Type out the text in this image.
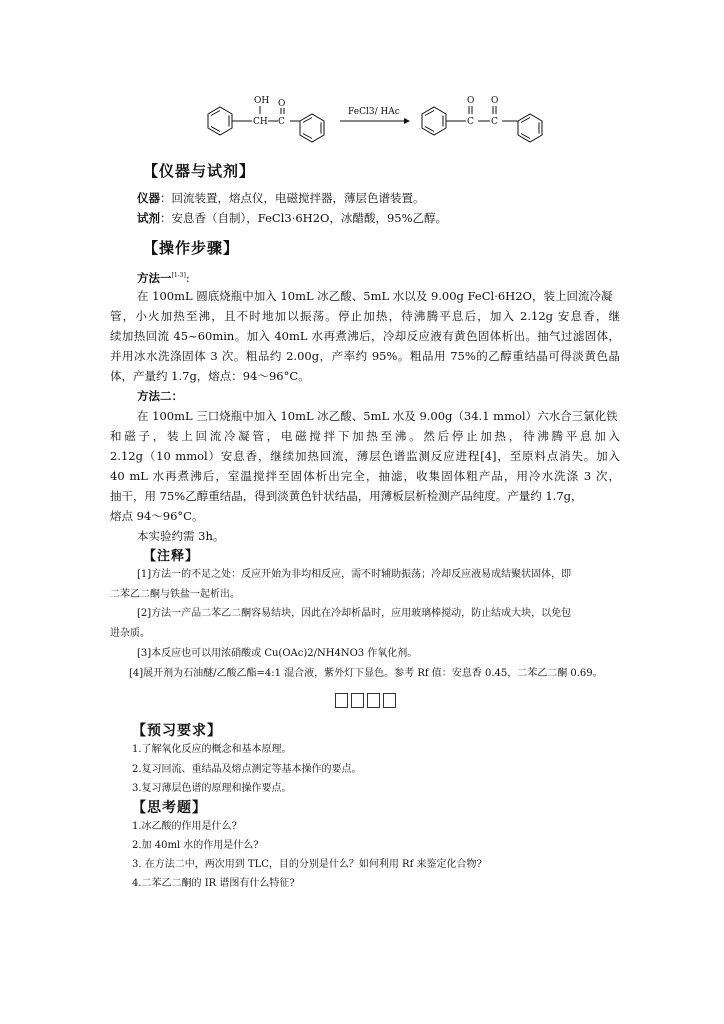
OH
CH
O
C
FeCl3/ HAc
O
C
O
C
【仪器与试剂】
仪器：回流装置，熔点仪，电磁搅拌器，薄层色谱装置。
试剂：安息香（自制），FeCl3·6H2O，冰醋酸，95%乙醇。
【操作步骤】
方法一[1-3]:
在 100mL 圆底烧瓶中加入 10mL 冰乙酸、5mL 水以及 9.00g FeCl·6H2O，装上回流冷凝
管，小火加热至沸，且不时地加以振荡。停止加热，待沸腾平息后，加入 2.12g 安息香，继
续加热回流 45~60min。加入 40mL 水再煮沸后，冷却反应液有黄色固体析出。抽气过滤固体，
并用冰水洗涤固体 3 次。粗品约 2.00g，产率约 95%。粗品用 75%的乙醇重结晶可得淡黄色晶
体，产量约 1.7g，熔点：94～96°C。
方法二：
在 100mL 三口烧瓶中加入 10mL 冰乙酸、5mL 水及 9.00g（34.1 mmol）六水合三氯化铁
和磁子，装上回流冷凝管，电磁搅拌下加热至沸。然后停止加热，待沸腾平息加入
2.12g（10 mmol）安息香，继续加热回流，薄层色谱监测反应进程[4]，至原料点消失。加入
40 mL 水再煮沸后，室温搅拌至固体析出完全，抽滤，收集固体粗产品，用冷水洗涤 3 次，
抽干，用 75%乙醇重结晶，得到淡黄色针状结晶，用薄板层析检测产品纯度。产量约 1.7g，
熔点 94～96°C。
本实验约需 3h。
【注释】
[1]方法一的不足之处：反应开始为非均相反应，需不时辅助振荡；冷却反应液易成结聚状固体，即
二苯乙二酮与铁盐一起析出。
[2]方法一产品二苯乙二酮容易结块，因此在冷却析晶时，应用玻璃棒搅动，防止结成大块，以免包
进杂质。
[3]本反应也可以用浓硝酸或 Cu(OAc)2/NH4NO3 作氧化剂。
[4]展开剂为石油醚/乙酸乙酯=4:1 混合液，紫外灯下显色。参考 Rf 值：安息香 0.45，二苯乙二酮 0.69。
【预习要求】
1.了解氧化反应的概念和基本原理。
2.复习回流、重结晶及熔点测定等基本操作的要点。
3.复习薄层色谱的原理和操作要点。
【思考题】
1.冰乙酸的作用是什么?
2.加 40ml 水的作用是什么?
3. 在方法二中，两次用到 TLC，目的分别是什么？如何利用 Rf 来鉴定化合物?
4.二苯乙二酮的 IR 谱图有什么特征?
